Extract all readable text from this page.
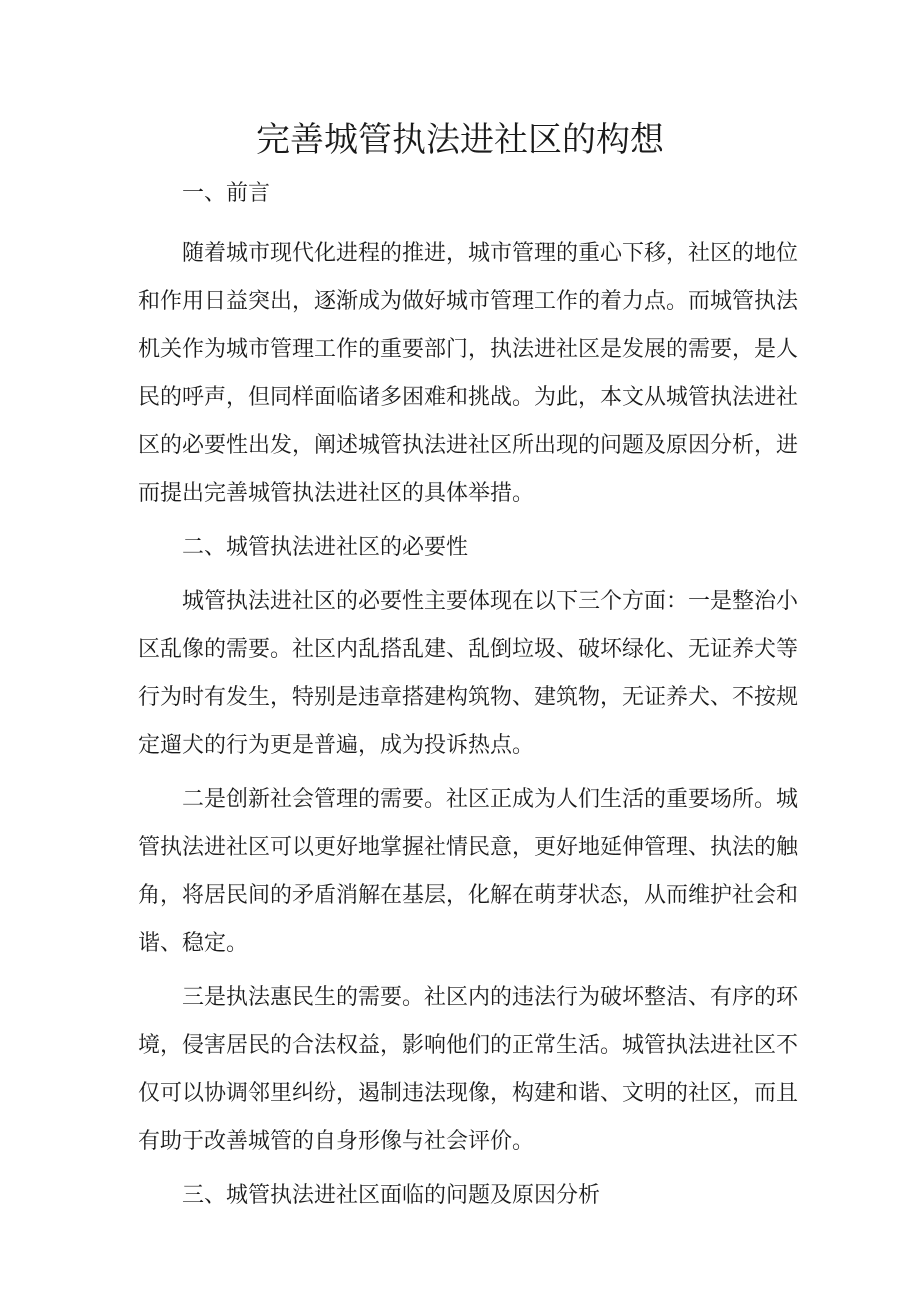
完善城管执法进社区的构想

一、前言

随着城市现代化进程的推进，城市管理的重心下移，社区的地位和作用日益突出，逐渐成为做好城市管理工作的着力点。而城管执法机关作为城市管理工作的重要部门，执法进社区是发展的需要，是人民的呼声，但同样面临诸多困难和挑战。为此，本文从城管执法进社区的必要性出发，阐述城管执法进社区所出现的问题及原因分析，进而提出完善城管执法进社区的具体举措。

二、城管执法进社区的必要性

城管执法进社区的必要性主要体现在以下三个方面：一是整治小区乱像的需要。社区内乱搭乱建、乱倒垃圾、破坏绿化、无证养犬等行为时有发生，特别是违章搭建构筑物、建筑物，无证养犬、不按规定遛犬的行为更是普遍，成为投诉热点。

二是创新社会管理的需要。社区正成为人们生活的重要场所。城管执法进社区可以更好地掌握社情民意，更好地延伸管理、执法的触角，将居民间的矛盾消解在基层，化解在萌芽状态，从而维护社会和谐、稳定。

三是执法惠民生的需要。社区内的违法行为破坏整洁、有序的环境，侵害居民的合法权益，影响他们的正常生活。城管执法进社区不仅可以协调邻里纠纷，遏制违法现像，构建和谐、文明的社区，而且有助于改善城管的自身形像与社会评价。

三、城管执法进社区面临的问题及原因分析
